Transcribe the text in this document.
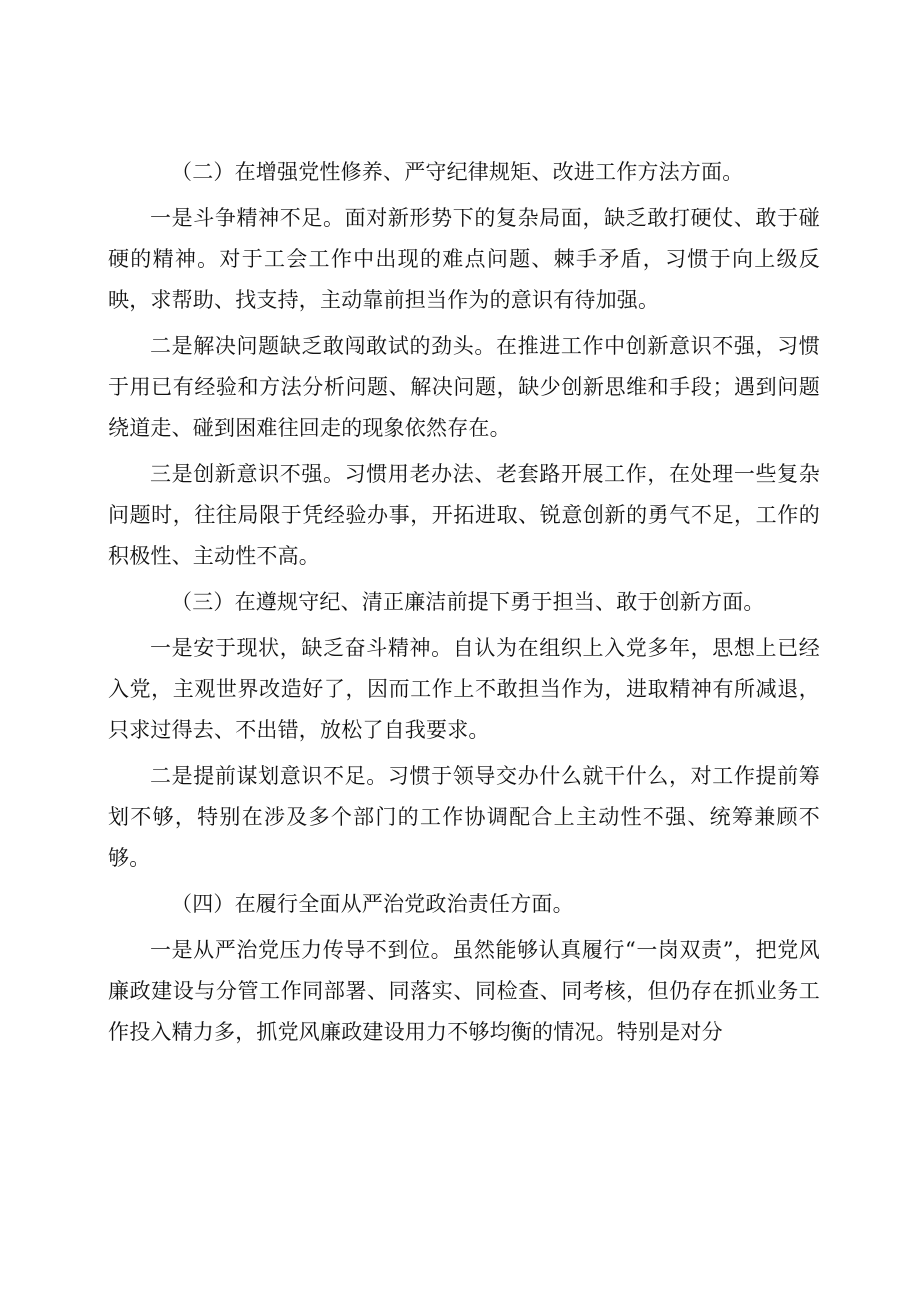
（二）在增强党性修养、严守纪律规矩、改进工作方法方面。

一是斗争精神不足。面对新形势下的复杂局面，缺乏敢打硬仗、敢于碰硬的精神。对于工会工作中出现的难点问题、棘手矛盾，习惯于向上级反映，求帮助、找支持，主动靠前担当作为的意识有待加强。

二是解决问题缺乏敢闯敢试的劲头。在推进工作中创新意识不强，习惯于用已有经验和方法分析问题、解决问题，缺少创新思维和手段；遇到问题绕道走、碰到困难往回走的现象依然存在。

三是创新意识不强。习惯用老办法、老套路开展工作，在处理一些复杂问题时，往往局限于凭经验办事，开拓进取、锐意创新的勇气不足，工作的积极性、主动性不高。

（三）在遵规守纪、清正廉洁前提下勇于担当、敢于创新方面。

一是安于现状，缺乏奋斗精神。自认为在组织上入党多年，思想上已经入党，主观世界改造好了，因而工作上不敢担当作为，进取精神有所减退，只求过得去、不出错，放松了自我要求。

二是提前谋划意识不足。习惯于领导交办什么就干什么，对工作提前筹划不够，特别在涉及多个部门的工作协调配合上主动性不强、统筹兼顾不够。

（四）在履行全面从严治党政治责任方面。

一是从严治党压力传导不到位。虽然能够认真履行“一岗双责”，把党风廉政建设与分管工作同部署、同落实、同检查、同考核，但仍存在抓业务工作投入精力多，抓党风廉政建设用力不够均衡的情况。特别是对分
